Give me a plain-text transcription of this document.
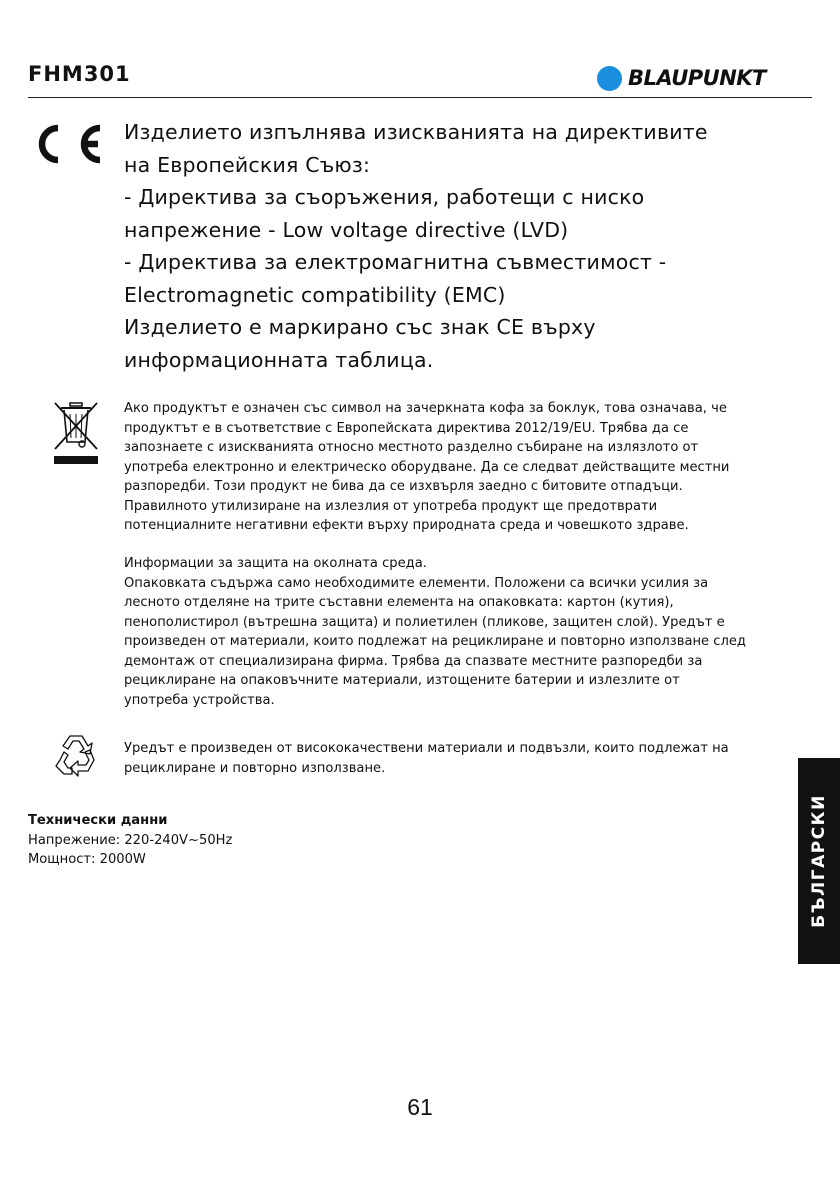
FHM301	BLAUPUNKT

Изделието изпълнява изискванията на директивите

на Европейския Съюз:

- Директива за съоръжения, работещи с ниско

напрежение - Low voltage directive (LVD)

- Директива за електромагнитна съвместимост -

Electromagnetic compatibility (EMC)

Изделието е маркирано със знак CE върху

информационната таблица.

Ако продуктът е означен със символ на зачеркната кофа за боклук, това означава, че

продуктът е в съответствие с Европейската директива 2012/19/EU. Трябва да се

запознаете с изискванията относно местното разделно събиране на излязлото от

употреба електронно и електрическо оборудване. Да се следват действащите местни

разпоредби. Този продукт не бива да се изхвърля заедно с битовите отпадъци.

Правилното утилизиране на излезлия от употреба продукт ще предотврати

потенциалните негативни ефекти върху природната среда и човешкото здраве.

Информации за защита на околната среда.

Опаковката съдържа само необходимите елементи. Положени са всички усилия за

лесното отделяне на трите съставни елемента на опаковката: картон (кутия),

пенополистирол (вътрешна защита) и полиетилен (пликове, защитен слой). Уредът е

произведен от материали, които подлежат на рециклиране и повторно използване след

демонтаж от специализирана фирма. Трябва да спазвате местните разпоредби за

рециклиране на опаковъчните материали, изтощените батерии и излезлите от

употреба устройства.

Уредът е произведен от висококачествени материали и подвъзли, които подлежат на

рециклиране и повторно използване.

Технически данни

Напрежение: 220-240V~50Hz

Мощност: 2000W	БЪЛГАРСКИ
61
